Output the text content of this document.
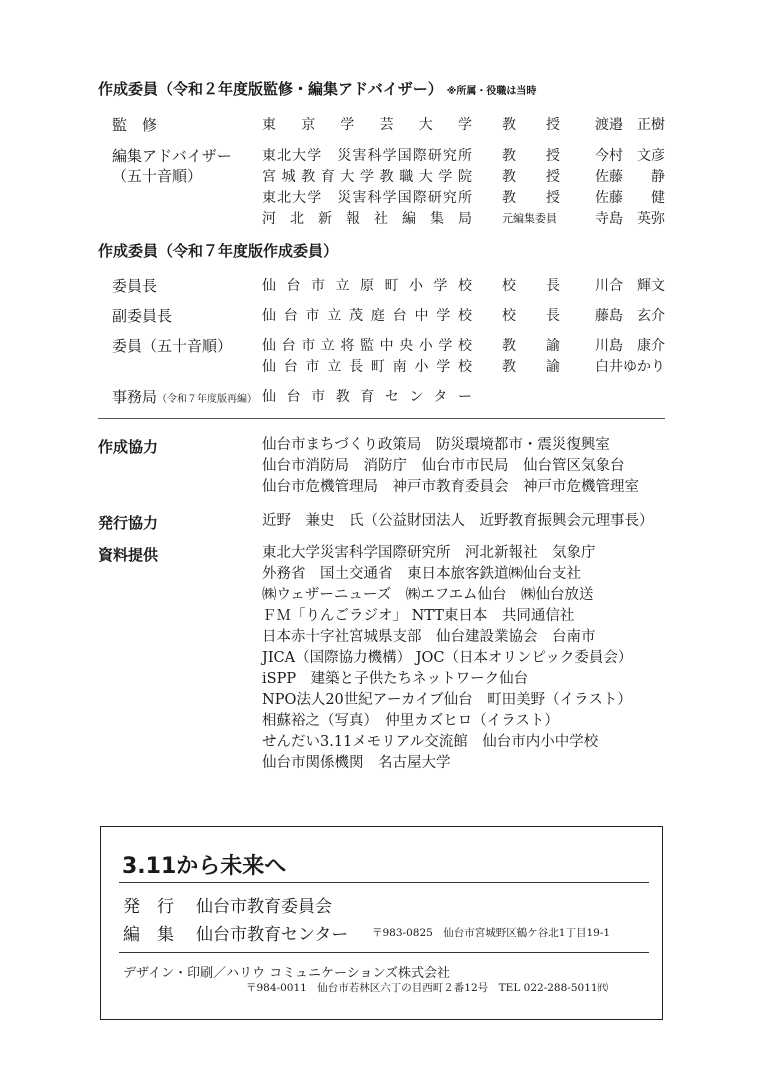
作成委員（令和２年度版監修・編集アドバイザー） ※所属・役職は当時
監　修	東京学芸大学 教　授	渡邉　正樹
編集アドバイザー
（五十音順）
東北大学　災害科学国際研究所 教　授	今村　文彦
宮城教育大学教職大学院 教　授	佐藤　　静
東北大学　災害科学国際研究所 教　授	佐藤　　健
河北新報社編集局	元編集委員	寺島　英弥
作成委員（令和７年度版作成委員）
委員長	仙台市立原町小学校 校　長	川合　輝文
副委員長	仙台市立茂庭台中学校 校　長	藤島　玄介
委員（五十音順） 仙台市立将監中央小学校 教　諭	川島　康介
仙台市立長町南小学校 教　諭	白井ゆかり
事務局（令和７年度版再編） 仙台市教育センター
作成協力	仙台市まちづくり政策局　防災環境都市・震災復興室
仙台市消防局　消防庁　仙台市市民局　仙台管区気象台
仙台市危機管理局　神戸市教育委員会　神戸市危機管理室
発行協力	近野　兼史　氏（公益財団法人　近野教育振興会元理事長）
資料提供	東北大学災害科学国際研究所　河北新報社　気象庁
外務省　国土交通省　東日本旅客鉄道㈱仙台支社
㈱ウェザーニューズ　㈱エフエム仙台　㈱仙台放送
ＦＭ「りんごラジオ」 NTT東日本　共同通信社
日本赤十字社宮城県支部　仙台建設業協会　台南市
JICA（国際協力機構） JOC（日本オリンピック委員会）
iSPP　建築と子供たちネットワーク仙台
NPO法人20世紀アーカイブ仙台　町田美野（イラスト）
相蘇裕之（写真）　仲里カズヒロ（イラスト）
せんだい3.11メモリアル交流館　仙台市内小中学校
仙台市関係機関　名古屋大学
3.11から未来へ
発　行 仙台市教育委員会
編　集 仙台市教育センター 〒983-0825　仙台市宮城野区鶴ケ谷北1丁目19-1
デザイン・印刷／ハリウ コミュニケーションズ株式会社
〒984-0011　仙台市若林区六丁の目西町２番12号　TEL 022-288-5011㈹
